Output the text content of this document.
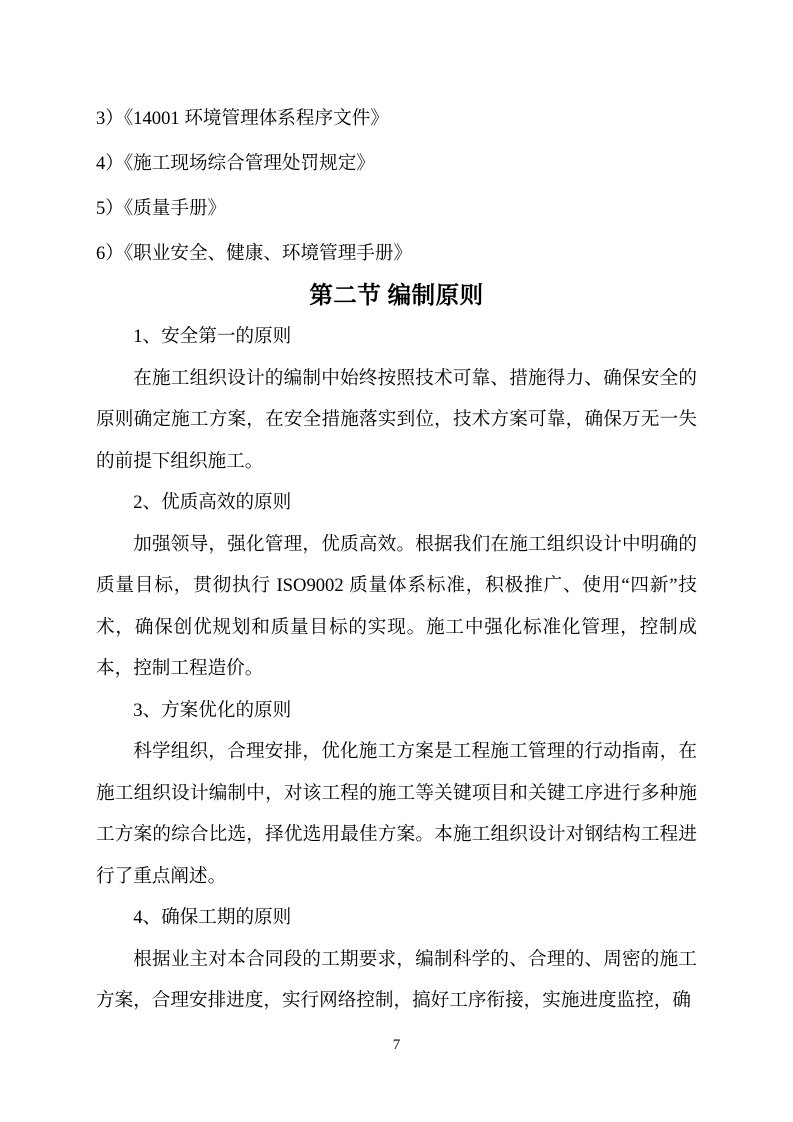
3）《14001 环境管理体系程序文件》

4）《施工现场综合管理处罚规定》

5）《质量手册》

6）《职业安全、健康、环境管理手册》

第二节 编制原则

1、安全第一的原则

在施工组织设计的编制中始终按照技术可靠、措施得力、确保安全的原则确定施工方案，在安全措施落实到位，技术方案可靠，确保万无一失的前提下组织施工。

2、优质高效的原则

加强领导，强化管理，优质高效。根据我们在施工组织设计中明确的质量目标，贯彻执行 ISO9002 质量体系标准，积极推广、使用“四新”技术，确保创优规划和质量目标的实现。施工中强化标准化管理，控制成本，控制工程造价。

3、方案优化的原则

科学组织，合理安排，优化施工方案是工程施工管理的行动指南，在施工组织设计编制中，对该工程的施工等关键项目和关键工序进行多种施工方案的综合比选，择优选用最佳方案。本施工组织设计对钢结构工程进行了重点阐述。

4、确保工期的原则

根据业主对本合同段的工期要求，编制科学的、合理的、周密的施工方案，合理安排进度，实行网络控制，搞好工序衔接，实施进度监控，确

7
